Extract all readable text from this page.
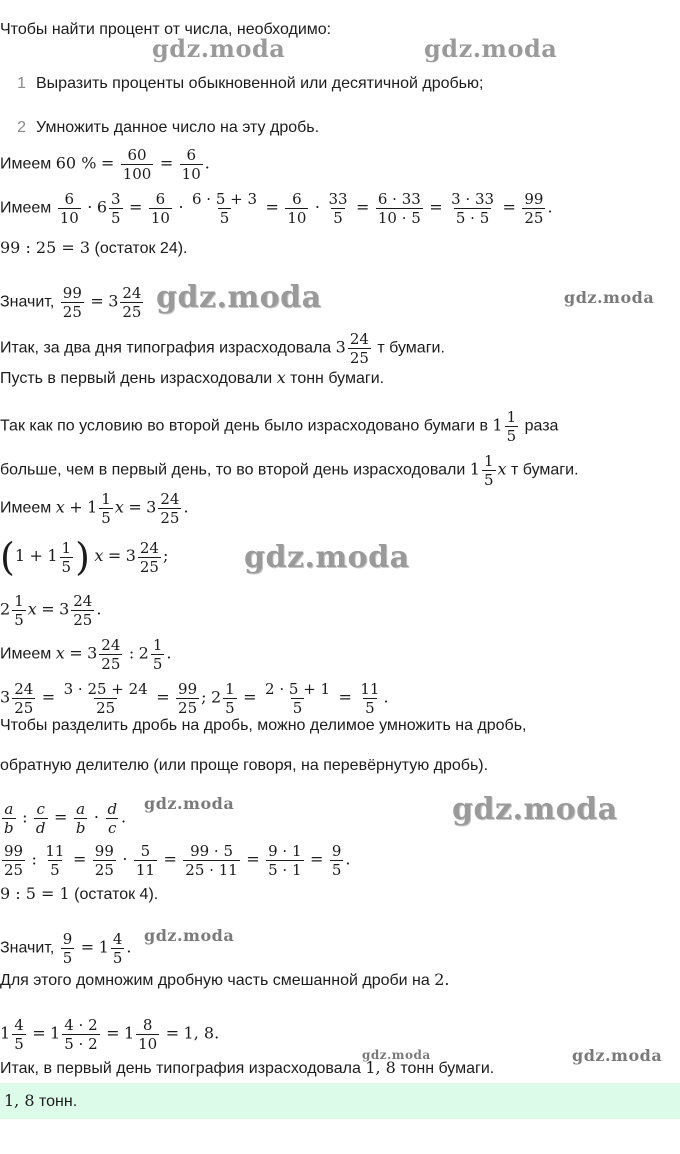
gdz.moda	gdz.moda
gdz.moda	gdz.moda
gdz.moda
gdz.moda	gdz.moda
gdz.moda
gdz.moda	gdz.moda
Чтобы найти процент от числа, необходимо:
1 Выразить проценты обыкновенной или десятичной дробью;
2 Умножить данное число на эту дробь.
Имеем 60 % = $\frac{60}{100} = \frac{6}{10}$ .
Имеем $\frac{6}{10} \cdot 6 \frac{3}{5} = \frac{6}{10} \cdot \frac{6 \cdot 5 + 3}{5} = \frac{6}{10} \cdot \frac{33}{5} = \frac{6 \cdot 33}{10 \cdot 5} = \frac{3 \cdot 33}{5 \cdot 5} = \frac{99}{25}$ .
99 : 25 = 3 (остаток 24).
Значит, $\frac{99}{25} = 3 \frac{24}{25}$
Итак, за два дня типография израсходовала $3 \frac{24}{25}$ т бумаги.
Пусть в первый день израсходовали x тонн бумаги.
Так как по условию во второй день было израсходовано бумаги в $1 \frac{1}{5}$ раза
больше, чем в первый день, то во второй день израсходовали $1 \frac{1}{5}$ x т бумаги.
Имеем $x + 1 \frac{1}{5}$ $x = 3 \frac{24}{25}$ .
($1 + 1 \frac{1}{5}$ ) $x = 3 \frac{24}{25}$ ;
$2 \frac{1}{5}$ $x = 3 \frac{24}{25}$ .
Имеем $x = 3 \frac{24}{25}$ : $2 \frac{1}{5}$ .
$3 \frac{24}{25} = \frac{3 \cdot 25 + 24}{25} = \frac{99}{25}$ ; $2 \frac{1}{5} = \frac{2 \cdot 5 + 1}{5} = \frac{11}{5}$ .
Чтобы разделить дробь на дробь, можно делимое умножить на дробь,
обратную делителю (или проще говоря, на перевёрнутую дробь).
$\frac{a}{b}$ : $\frac{c}{d} = \frac{a}{b} \cdot \frac{d}{c}$ .
$\frac{99}{25}$ : $\frac{11}{5} = \frac{99}{25} \cdot \frac{5}{11} = \frac{99 \cdot 5}{25 \cdot 11} = \frac{9 \cdot 1}{5 \cdot 1} = \frac{9}{5}$ .
9 : 5 = 1 (остаток 4).
Значит, $\frac{9}{5} = 1 \frac{4}{5}$ .
Для этого домножим дробную часть смешанной дроби на 2.
$1 \frac{4}{5} = 1 \frac{4 \cdot 2}{5 \cdot 2} = 1 \frac{8}{10} = 1$, 8.
Итак, в первый день типография израсходовала 1, 8 тонн бумаги.
1, 8 тонн.
